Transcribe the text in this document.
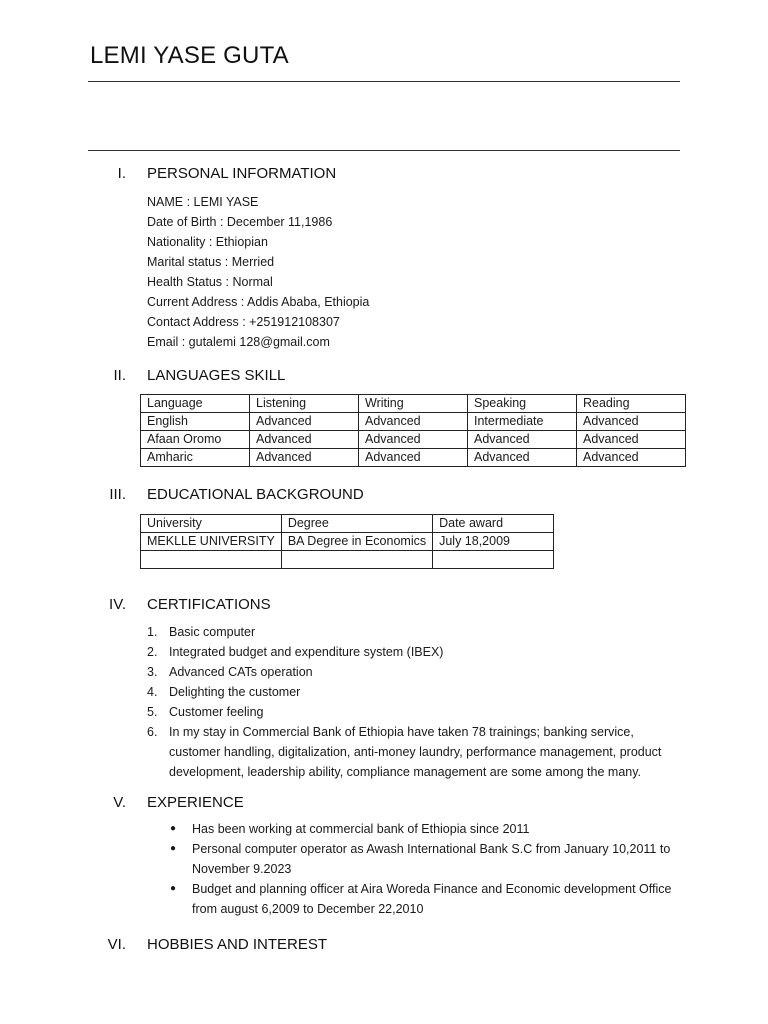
LEMI YASE GUTA
I. PERSONAL INFORMATION
NAME : LEMI YASE
Date of Birth : December 11,1986
Nationality : Ethiopian
Marital status : Merried
Health Status : Normal
Current Address : Addis Ababa, Ethiopia
Contact Address : +251912108307
Email : gutalemi 128@gmail.com
II. LANGUAGES SKILL
Language	Listening	Writing	Speaking	Reading
English	Advanced	Advanced	Intermediate	Advanced
Afaan Oromo	Advanced	Advanced	Advanced	Advanced
Amharic	Advanced	Advanced	Advanced	Advanced
III. EDUCATIONAL BACKGROUND
University	Degree	Date award
MEKLLE UNIVERSITY	BA Degree in Economics	July 18,2009

IV. CERTIFICATIONS
1. Basic computer
2. Integrated budget and expenditure system (IBEX)
3. Advanced CATs operation
4. Delighting the customer
5. Customer feeling
6. In my stay in Commercial Bank of Ethiopia have taken 78 trainings; banking service, customer handling, digitalization, anti-money laundry, performance management, product development, leadership ability, compliance management are some among the many.
V. EXPERIENCE
● Has been working at commercial bank of Ethiopia since 2011
● Personal computer operator as Awash International Bank S.C from January 10,2011 to November 9.2023
● Budget and planning officer at Aira Woreda Finance and Economic development Office from august 6,2009 to December 22,2010
VI. HOBBIES AND INTEREST
